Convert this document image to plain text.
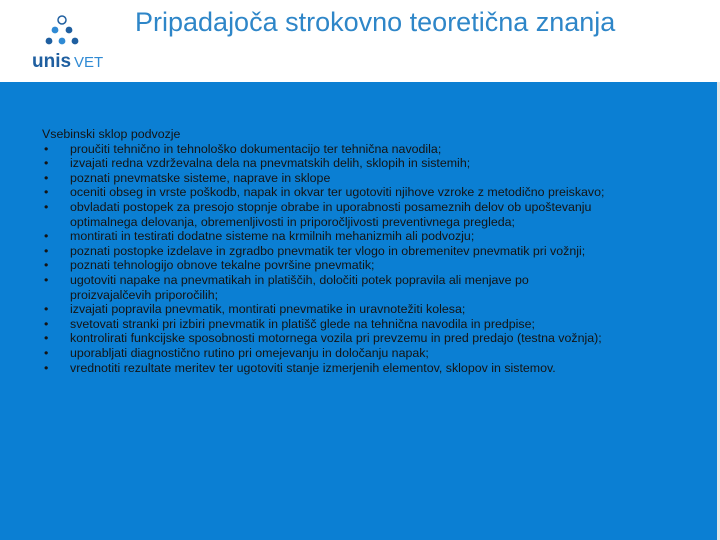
unis VET
Pripadajoča strokovno teoretična znanja

Vsebinski sklop podvozje

• proučiti tehnično in tehnološko dokumentacijo ter tehnična navodila;
• izvajati redna vzdrževalna dela na pnevmatskih delih, sklopih in sistemih;
• poznati pnevmatske sisteme, naprave in sklope
• oceniti obseg in vrste poškodb, napak in okvar ter ugotoviti njihove vzroke z metodično preiskavo;
• obvladati postopek za presojo stopnje obrabe in uporabnosti posameznih delov ob upoštevanju
optimalnega delovanja, obremenljivosti in priporočljivosti preventivnega pregleda;
• montirati in testirati dodatne sisteme na krmilnih mehanizmih ali podvozju;
• poznati postopke izdelave in zgradbo pnevmatik ter vlogo in obremenitev pnevmatik pri vožnji;
• poznati tehnologijo obnove tekalne površine pnevmatik;
• ugotoviti napake na pnevmatikah in platiščih, določiti potek popravila ali menjave po
proizvajalčevih priporočilih;
• izvajati popravila pnevmatik, montirati pnevmatike in uravnotežiti kolesa;
• svetovati stranki pri izbiri pnevmatik in platišč glede na tehnična navodila in predpise;
• kontrolirati funkcijske sposobnosti motornega vozila pri prevzemu in pred predajo (testna vožnja);
• uporabljati diagnostično rutino pri omejevanju in določanju napak;
• vrednotiti rezultate meritev ter ugotoviti stanje izmerjenih elementov, sklopov in sistemov.
